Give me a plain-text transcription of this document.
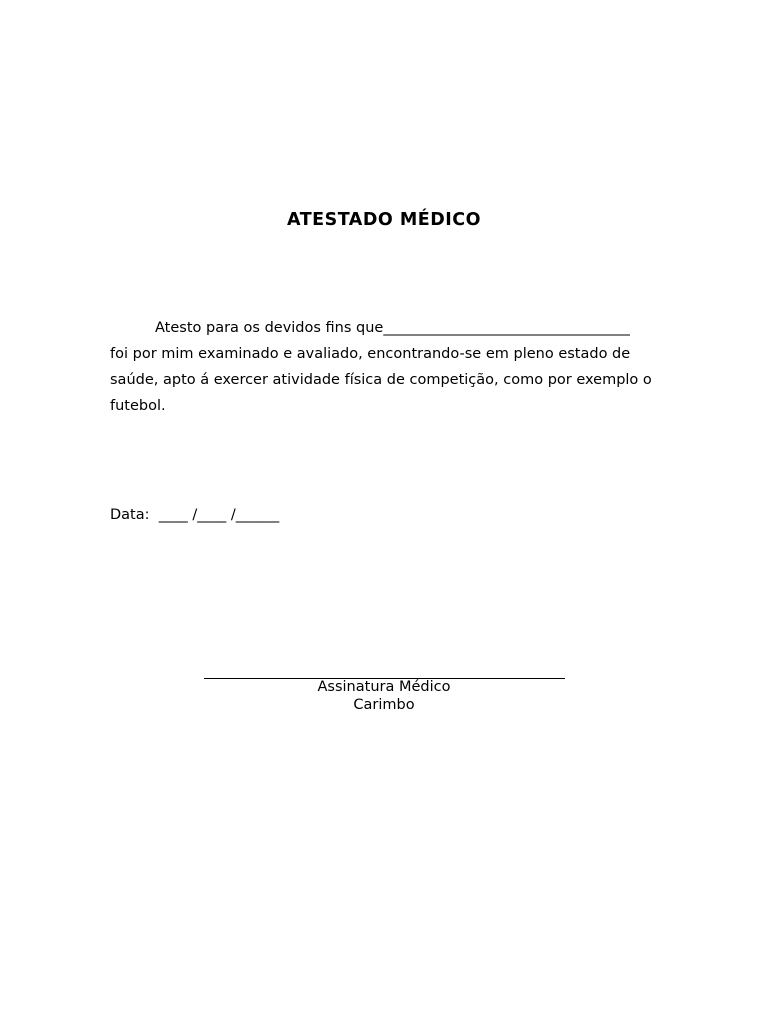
ATESTADO MÉDICO
Atesto para os devidos fins que__________________________________
foi por mim examinado e avaliado, encontrando-se em pleno estado de
saúde, apto á exercer atividade física de competição, como por exemplo o
futebol.

Data:  ____ /____ /______

Assinatura Médico
Carimbo
